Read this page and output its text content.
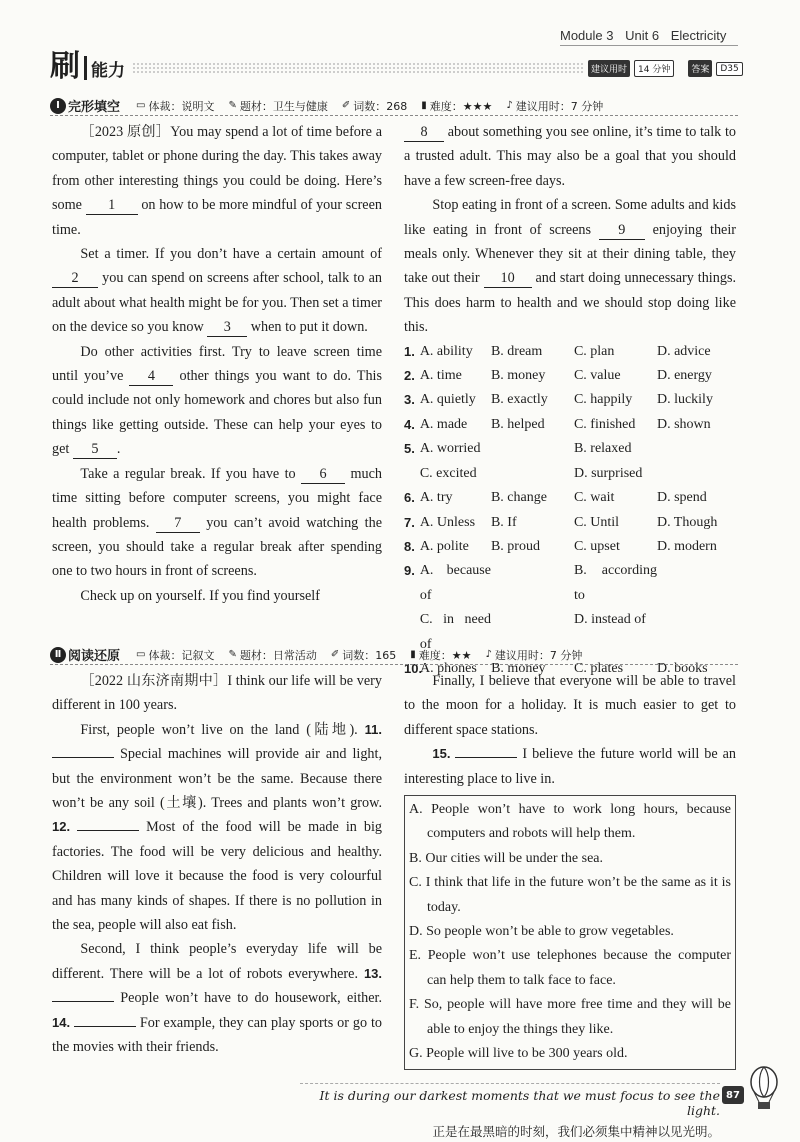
Module 3 Unit 6 Electricity
刷 能力	建议用时	14 分钟	答案	D35
Ⅰ 完形填空 ▭ 体裁：说明文 ✎ 题材：卫生与健康 ✐ 词数：268 ▮ 难度：★★★ ♪ 建议用时：7 分钟

［2023 原创］You may spend a lot of time before a computer, tablet or phone during the day. This takes away from other interesting things you could be doing. Here’s some 1 on how to be more mindful of your screen time.

Set a timer. If you don’t have a certain amount of 2 you can spend on screens after school, talk to an adult about what health might be for you. Then set a timer on the device so you know 3 when to put it down.

Do other activities first. Try to leave screen time until you’ve 4 other things you want to do. This could include not only homework and chores but also fun things like getting outside. These can help your eyes to get 5 .

Take a regular break. If you have to 6 much time sitting before computer screens, you might face health problems. 7 you can’t avoid watching the screen, you should take a regular break after spending one to two hours in front of screens.

Check up on yourself. If you find yourself

8 about something you see online, it’s time to talk to a trusted adult. This may also be a goal that you should have a few screen-free days.

Stop eating in front of a screen. Some adults and kids like eating in front of screens 9 enjoying their meals only. Whenever they sit at their dining table, they take out their 10 and start doing unnecessary things. This does harm to health and we should stop doing like this.

1. A. ability	B. dream	C. plan	D. advice
2. A. time	B. money	C. value	D. energy
3. A. quietly	B. exactly	C. happily	D. luckily
4. A. made	B. helped	C. finished	D. shown
5. A. worried	B. relaxed
C. excited	D. surprised
6. A. try	B. change	C. wait	D. spend
7. A. Unless	B. If	C. Until	D. Though
8. A. polite	B. proud	C. upset	D. modern
9. A. because of
B. according to
C. in need of
D. instead of
10.
A. phones	B. money	C. plates	D. books
Ⅱ 阅读还原 ▭ 体裁：记叙文 ✎ 题材：日常活动 ✐ 词数：165 ▮ 难度：★★ ♪ 建议用时：7 分钟

［2022 山东济南期中］I think our life will be very different in 100 years.

First, people won’t live on the land (陆地). 11.  Special machines will provide air and light, but the environment won’t be the same. Because there won’t be any soil (土壤). Trees and plants won’t grow. 12.	Most of the food will be made in big factories. The food will be very delicious and healthy. Children will love it because the food is very colourful and has many kinds of shapes. If there is no pollution in the sea, people will also eat fish.

Second, I think people’s everyday life will be different. There will be a lot of robots everywhere. 13.  People won’t have to do housework, either. 14.	For example, they can play sports or go to the movies with their friends.

Finally, I believe that everyone will be able to travel to the moon for a holiday. It is much easier to get to different space stations.

15.	I believe the future world will be an interesting place to live in.

A. People won’t have to work long hours, because computers and robots will help them.
B. Our cities will be under the sea.
C. I think that life in the future won’t be the same as it is today.
D. So people won’t be able to grow vegetables.
E. People won’t use telephones because the computer can help them to talk face to face.
F. So, people will have more free time and they will be able to enjoy the things they like.
G. People will live to be 300 years old.
It is during our darkest moments that we must focus to see the light.
正是在最黑暗的时刻，我们必须集中精神以见光明。
87
